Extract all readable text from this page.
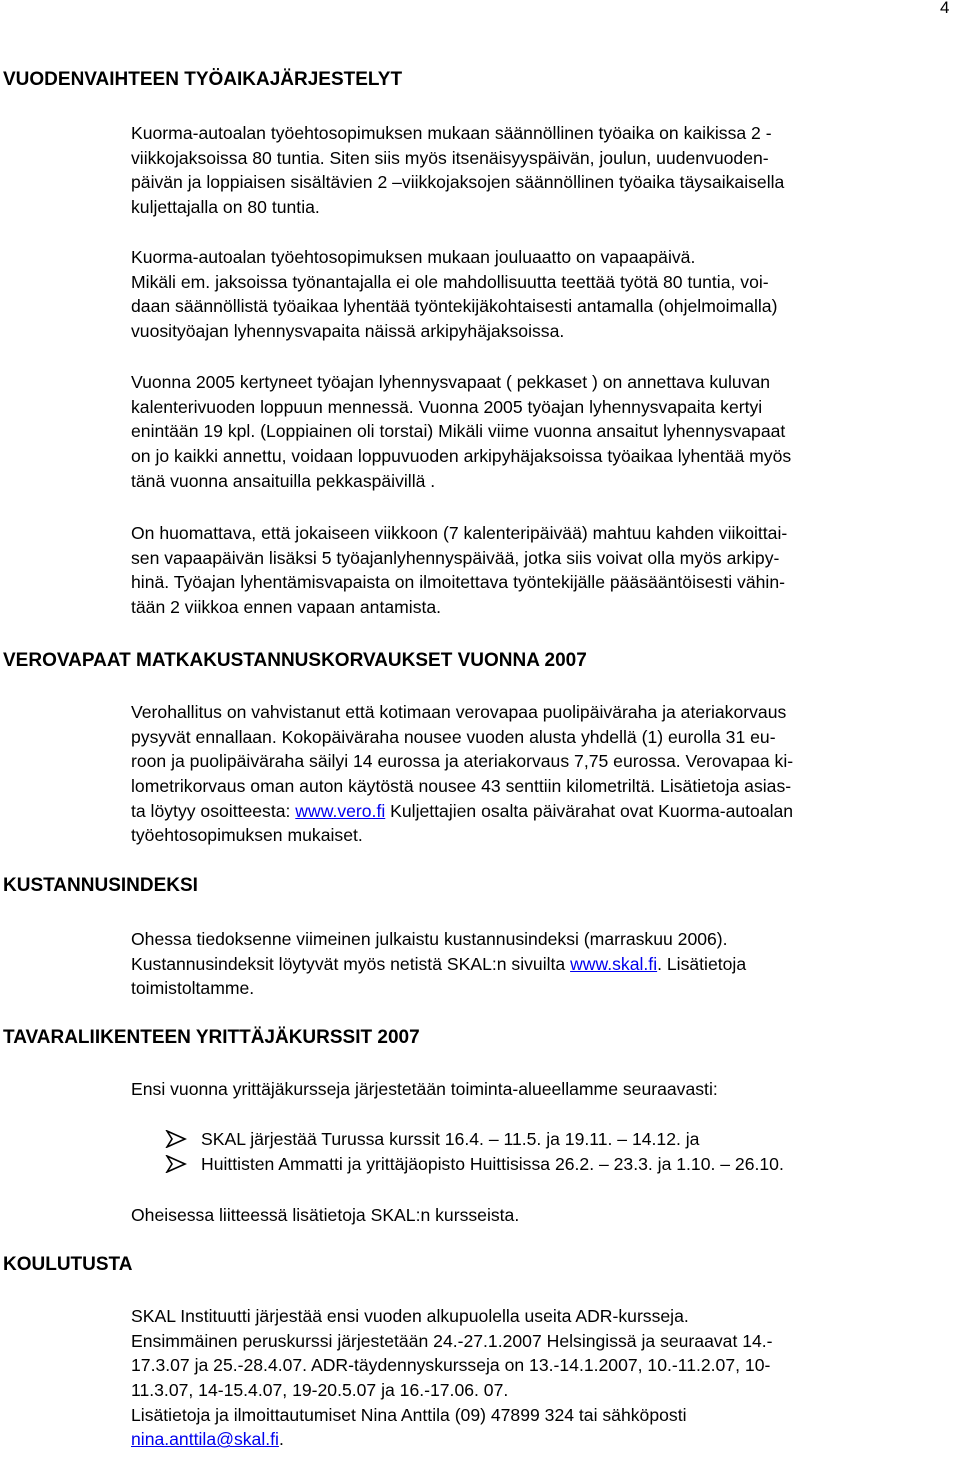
4
VUODENVAIHTEEN TYÖAIKAJÄRJESTELYT
Kuorma-autoalan työehtosopimuksen mukaan säännöllinen työaika on kaikissa 2 -
viikkojaksoissa 80 tuntia. Siten siis myös itsenäisyyspäivän, joulun, uudenvuoden-
päivän ja loppiaisen sisältävien 2 –viikkojaksojen säännöllinen työaika täysaikaisella
kuljettajalla on 80 tuntia.
Kuorma-autoalan työehtosopimuksen mukaan jouluaatto on vapaapäivä.
Mikäli em. jaksoissa työnantajalla ei ole mahdollisuutta teettää työtä 80 tuntia, voi-
daan säännöllistä työaikaa lyhentää työntekijäkohtaisesti antamalla (ohjelmoimalla)
vuosityöajan lyhennysvapaita näissä arkipyhäjaksoissa.
Vuonna 2005 kertyneet työajan lyhennysvapaat ( pekkaset ) on annettava kuluvan
kalenterivuoden loppuun mennessä. Vuonna 2005 työajan lyhennysvapaita kertyi
enintään 19 kpl. (Loppiainen oli torstai) Mikäli viime vuonna ansaitut lyhennysvapaat
on jo kaikki annettu, voidaan loppuvuoden arkipyhäjaksoissa työaikaa lyhentää myös
tänä vuonna ansaituilla pekkaspäivillä .
On huomattava, että jokaiseen viikkoon (7 kalenteripäivää) mahtuu kahden viikoittai-
sen vapaapäivän lisäksi 5 työajanlyhennyspäivää, jotka siis voivat olla myös arkipy-
hinä. Työajan lyhentämisvapaista on ilmoitettava työntekijälle pääsääntöisesti vähin-
tään 2 viikkoa ennen vapaan antamista.
VEROVAPAAT MATKAKUSTANNUSKORVAUKSET VUONNA 2007
Verohallitus on vahvistanut että kotimaan verovapaa puolipäiväraha ja ateriakorvaus
pysyvät ennallaan. Kokopäiväraha nousee vuoden alusta yhdellä (1) eurolla 31 eu-
roon ja puolipäiväraha säilyi 14 eurossa ja ateriakorvaus 7,75 eurossa. Verovapaa ki-
lometrikorvaus oman auton käytöstä nousee 43 senttiin kilometriltä. Lisätietoja asias-
ta löytyy osoitteesta: www.vero.fi Kuljettajien osalta päivärahat ovat Kuorma-autoalan
työehtosopimuksen mukaiset.
KUSTANNUSINDEKSI
Ohessa tiedoksenne viimeinen julkaistu kustannusindeksi (marraskuu 2006).
Kustannusindeksit löytyvät myös netistä SKAL:n sivuilta www.skal.fi. Lisätietoja
toimistoltamme.
TAVARALIIKENTEEN YRITTÄJÄKURSSIT 2007
Ensi vuonna yrittäjäkursseja järjestetään toiminta-alueellamme seuraavasti:
SKAL järjestää Turussa kurssit 16.4. – 11.5. ja 19.11. – 14.12. ja
Huittisten Ammatti ja yrittäjäopisto Huittisissa 26.2. – 23.3. ja 1.10. – 26.10.
Oheisessa liitteessä lisätietoja SKAL:n kursseista.
KOULUTUSTA
SKAL Instituutti järjestää ensi vuoden alkupuolella useita ADR-kursseja.
Ensimmäinen peruskurssi järjestetään 24.-27.1.2007 Helsingissä ja seuraavat 14.-
17.3.07 ja 25.-28.4.07. ADR-täydennyskursseja on 13.-14.1.2007, 10.-11.2.07, 10-
11.3.07, 14-15.4.07, 19-20.5.07 ja 16.-17.06. 07.
Lisätietoja ja ilmoittautumiset Nina Anttila (09) 47899 324 tai sähköposti
nina.anttila@skal.fi.
